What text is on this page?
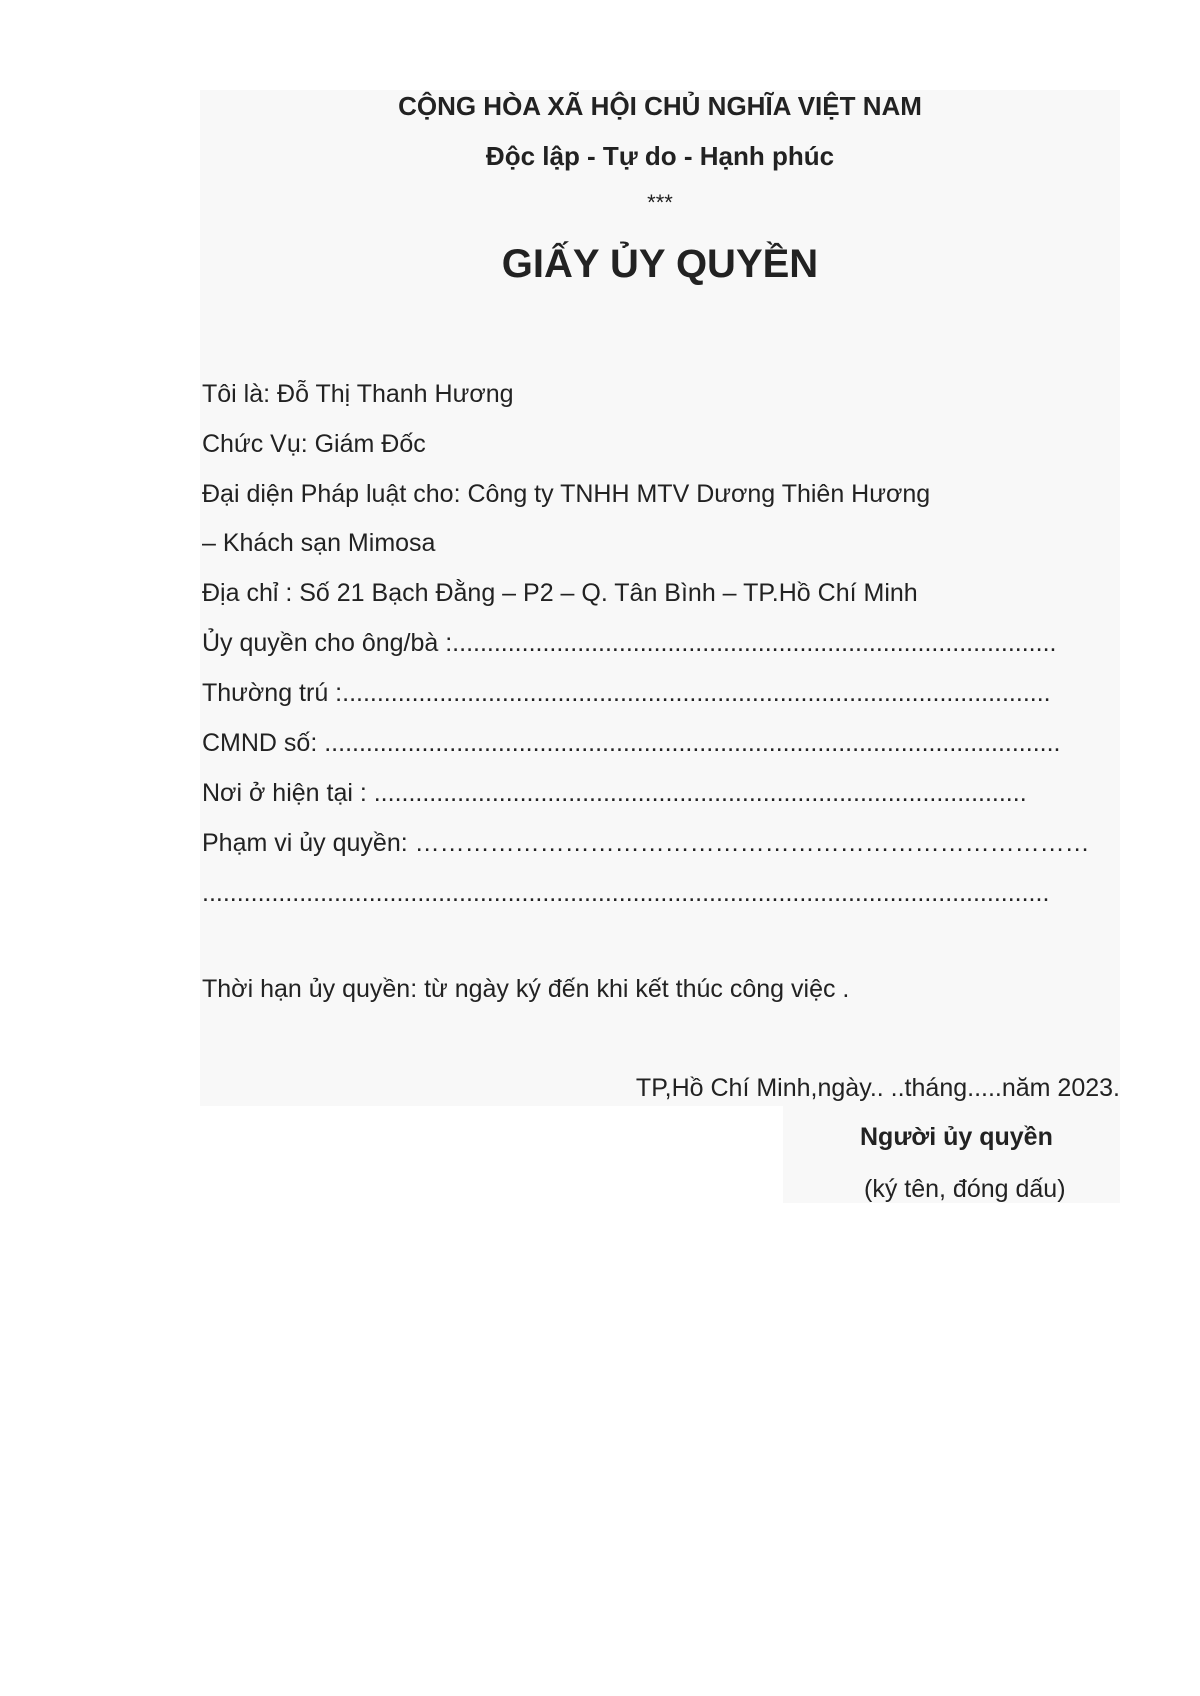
CỘNG HÒA XÃ HỘI CHỦ NGHĨA VIỆT NAM
Độc lập - Tự do - Hạnh phúc
***
GIẤY ỦY QUYỀN
Tôi là: Đỗ Thị Thanh Hương
Chức Vụ: Giám Đốc
Đại diện Pháp luật cho: Công ty TNHH MTV Dương Thiên Hương
– Khách sạn Mimosa
Địa chỉ : Số 21 Bạch Đằng – P2 – Q. Tân Bình – TP.Hồ Chí Minh
Ủy quyền cho ông/bà :.......................................................................................
Thường trú :......................................................................................................
CMND số: ..........................................................................................................
Nơi ở hiện tại : ..............................................................................................
Phạm vi ủy quyền: ………………………………………………………………………
..........................................................................................................................
Thời hạn ủy quyền: từ ngày ký đến khi kết thúc công việc .
TP,Hồ Chí Minh,ngày.. ..tháng.....năm 2023.
Người ủy quyền
(ký tên, đóng dấu)
